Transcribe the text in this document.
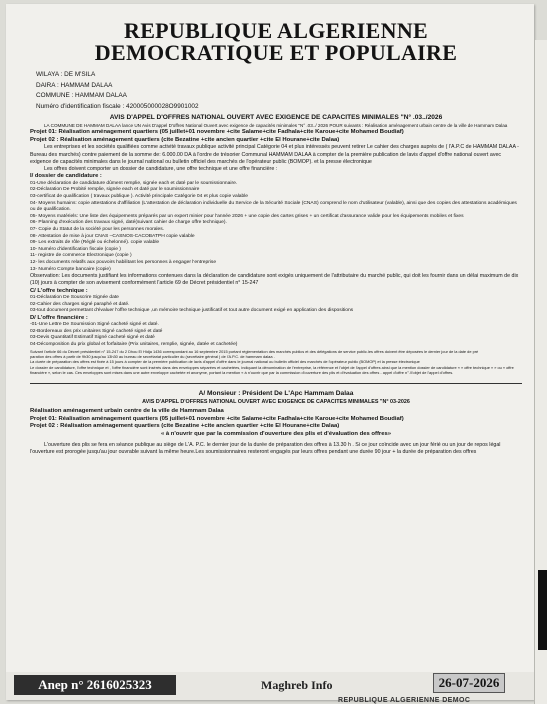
REPUBLIQUE ALGERIENNE
DEMOCRATIQUE ET POPULAIRE
WILAYA : DE M'SILA
DAIRA : HAMMAM DALAA
COMMUNE : HAMMAM DALAA
Numéro d'identification fiscale : 420005000028O9901002
AVIS D'APPEL D'OFFRES NATIONAL OUVERT AVEC EXIGENCE DE CAPACITES MINIMALES "N° .03../2026

LA COMMUNE DE HAMMAM DALAA lance UN Avis D'appel D'offres National Ouvert avec exigence de capacités minimales "N° .03../ 2026 POUR suivants : Réalisation aménagement urbain centre de la ville de Hammam Dalaa

Projet 01: Réalisation aménagement quartiers (05 juillet+01 novembre +cite Salame+cite Fadhala+cite Karoue+cite Mohamed Boudiaf)

Projet 02 : Réalisation aménagement quartiers (cite Bezatine +cite ancien quartier +cite El Hourane+cite Dalaa)

Les entreprises et les sociétés qualifiées comme activité travaux publique activité principal Catégorie 04 et plus intéressés peuvent retirer Le cahier des charges auprès de ( l'A.P.C de HAMMAM DALAA - Bureau des marchés) contre paiement de la somme de: 6.000.00 DA à l'ordre de trésorier Communal HAMMAM DALAA à compter de la première publication de lavis d'appel d'offre national ouvert avec exigence de capacités minimales dans le journal national ou bulletin officiel des marchés de l'opérateur public (BOMOP). et la presse électronique

Les offres doivent comporter un dossier de candidature, une offre technique et une offre financière :

I/ dossier de candidature :
01-Une déclaration de candidature dûment remplie, signée each et daté par le soumissionnaire.
02-Déclaration De Probité remplie, signée each et daté par le soumissionnaire
03-certificat de qualification ( travaux publique ). Activité principale Catégorie 04 et plus copie valable
04- Moyens humains: copie attestations d'affiliation (L'attestation de déclaration individuelle du Service de la Sécurité Sociale (CNAS) comprend le nom d'utilisateur (valable), ainsi que des copies des attestations académiques ou de qualification.
05- Moyens matériels: Une liste des équipements préparés par un expert minier pour l'année 2026 + une copie des cartes grises + un certificat d'assurance valide pour les équipements mobiles et fixes
06- Planning d'exécution des travaux signé, daté(suivant cahier de charge offre technique).
07- Copie du Statut de la société pour les personnes morales.
08- Attestation de mise à jour CNAS –CASNOS-CACOBATPH copie valable
09- Les extraits de rôle (Réglé ou échelonné). copie valable
10- Numéro d'identification fiscale (copie )
11- registre de commerce Electronique (copie )
12- les documents relatifs aux pouvoirs habilitant les personnes à engager l'entreprise
13- Numéro Compte bancaire (copie)

Observation: Les documents justifiant les informations contenues dans la déclaration de candidature sont exigés uniquement de l'attributaire du marché public, qui doit les fournir dans un délai maximum de dix (10) jours à compter de son avisement conformément l'article 69 de Décret présidentiel n° 15-247

C/ L'offre technique :
01-Déclaration De Souscrire Signée date
02-Cahier des charges signé paraphé et daté.
03-tout document permettant d'évaluer l'offre technique ,un mémoire technique justificatif et tout autre document exigé en application des dispositions
D/ L'offre financière :
-01-Une Lettre De Soumission Signé cacheté signé et daté.
02-Bordereaux des prix unitaires Signé cacheté signé et daté
03-Devis Quantitatif Estimatif Signé cacheté signé et daté
04-Décomposition du prix global et forfaitaire (Prix unitaires, remplie, signée, datée et cachetée)

Suivant l'article 66 du Décret présidentiel n° 15-247 du 2 Dhou El Hidja 1436 correspondant au 16 septembre 2015 portant réglementation des marchés publics et des délégations de service public.les offres doivent être déposées le dernier jour de la date de pré

paration des offres à partir de 9h30 jusqu'au 13h30 au bureau de secrétariat particulier du (secrétaire général ) de l'A.P.C. de hammam dalaa .

La durée de préparation des offres est fixée à 15 jours à compter de la première publication de lavis d'appel d'offre dans le journal national ou bulletin officiel des marchés de l'opérateur public (BOMOP) et la presse électronique

Le dossier de candidature, l'offre technique et , l'offre financière sont insérés dans des enveloppes séparées et cachetées, indiquant la dénomination de l'entreprise, la référence et l'objet de l'appel d'offres ainsi que la mention dossier de candidature « » offre technique « » ou « offre financière », selon le cas. Ces enveloppes sont mises dans une autre enveloppe cachetée et anonyme, portant la mention « à n'ouvrir que par la commission d'ouverture des plis et d'évaluation des offres - appel d'offre n°./l'objet de l'appel d'offres.

A/ Monsieur : Président De L'Apc Hammam Dalaa
AVIS D'APPEL D'OFFRES NATIONAL OUVERT AVEC EXIGENCE DE CAPACITES MINIMALES "N° 03-2026

Réalisation aménagement urbain centre de la ville de Hammam Dalaa

Projet 01: Réalisation aménagement quartiers (05 juillet+01 novembre +cite Salame+cite Fadhala+cite Karoue+cite Mohamed Boudiaf)

Projet 02 : Réalisation aménagement quartiers (cite Bezatine +cite ancien quartier +cite El Hourane+cite Dalaa)

« à n'ouvrir que par la commission d'ouverture des plis et d'évaluation des offres»

L'ouverture des plis se fera en séance publique au siège de L'A. P.C. le dernier jour de la durée de préparation des offres à 13.30 h . Si ce jour coïncide avec un jour férié ou un jour de repos légal l'ouverture est prorogée jusqu'au jour ouvrable suivant la même heure.Les soumissionnaires resteront engagés par leurs offres pendant une durée 90 jour + la durée de préparation des offres

Anep n° 2616025323	Maghreb Info	26-07-2026
REPUBLIQUE ALGERIENNE DEMOC
